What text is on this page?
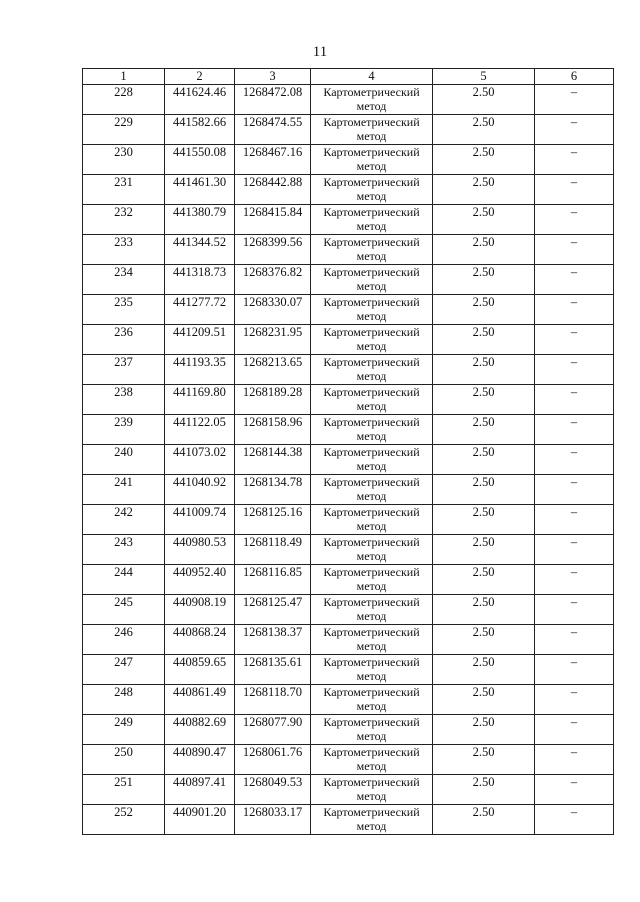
11
1	2	3	4	5	6
228	441624.46	1268472.08	Картометрический метод	2.50	–
229	441582.66	1268474.55	Картометрический метод	2.50	–
230	441550.08	1268467.16	Картометрический метод	2.50	–
231	441461.30	1268442.88	Картометрический метод	2.50	–
232	441380.79	1268415.84	Картометрический метод	2.50	–
233	441344.52	1268399.56	Картометрический метод	2.50	–
234	441318.73	1268376.82	Картометрический метод	2.50	–
235	441277.72	1268330.07	Картометрический метод	2.50	–
236	441209.51	1268231.95	Картометрический метод	2.50	–
237	441193.35	1268213.65	Картометрический метод	2.50	–
238	441169.80	1268189.28	Картометрический метод	2.50	–
239	441122.05	1268158.96	Картометрический метод	2.50	–
240	441073.02	1268144.38	Картометрический метод	2.50	–
241	441040.92	1268134.78	Картометрический метод	2.50	–
242	441009.74	1268125.16	Картометрический метод	2.50	–
243	440980.53	1268118.49	Картометрический метод	2.50	–
244	440952.40	1268116.85	Картометрический метод	2.50	–
245	440908.19	1268125.47	Картометрический метод	2.50	–
246	440868.24	1268138.37	Картометрический метод	2.50	–
247	440859.65	1268135.61	Картометрический метод	2.50	–
248	440861.49	1268118.70	Картометрический метод	2.50	–
249	440882.69	1268077.90	Картометрический метод	2.50	–
250	440890.47	1268061.76	Картометрический метод	2.50	–
251	440897.41	1268049.53	Картометрический метод	2.50	–
252	440901.20	1268033.17	Картометрический метод	2.50	–
